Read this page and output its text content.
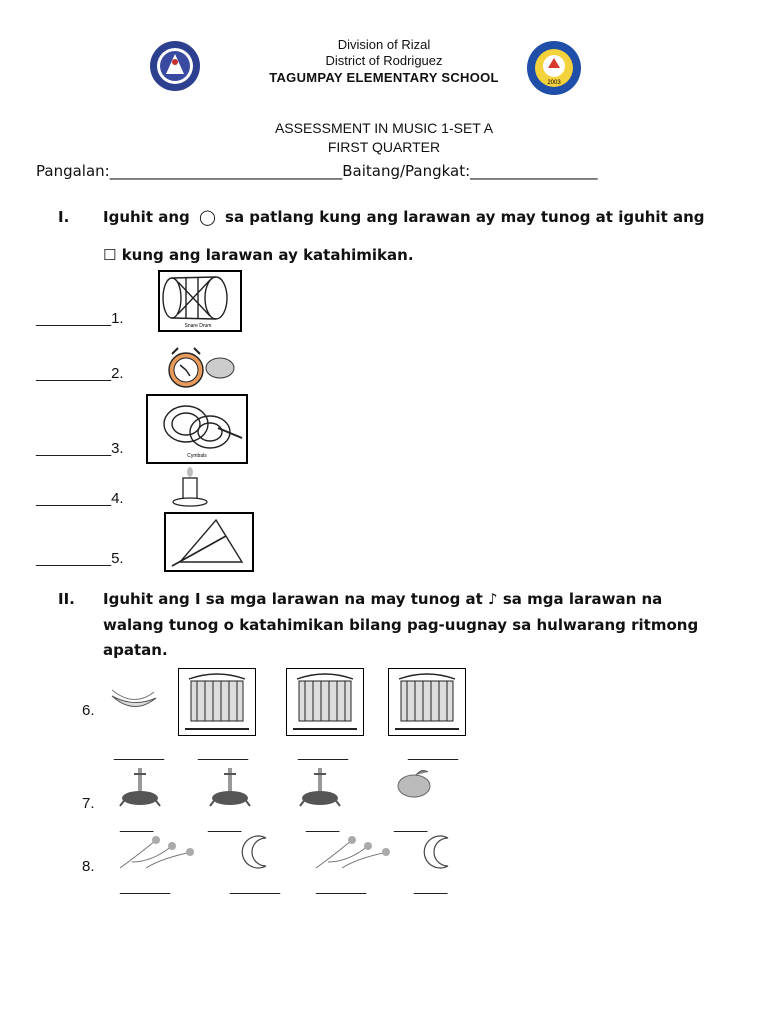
2003
Division of Rizal
District of Rodriguez
TAGUMPAY ELEMENTARY SCHOOL
ASSESSMENT IN MUSIC 1-SET A
FIRST QUARTER
Pangalan:_______________________________Baitang/Pangkat:_________________
I. Iguhit ang ◯ sa patlang kung ang larawan ay may tunog at iguhit ang
☐ kung ang larawan ay katahimikan.
_________1.	Snare Drum
_________2.
_________3.	Cymbals
_________4.
_________5.
II. Iguhit ang I sa mga larawan na may tunog at ♪ sa mga larawan na
walang tunog o katahimikan bilang pag-uugnay sa hulwarang ritmong
apatan.
6.
______ ______	______	______
7.
____	____	____	____
8.
______	______ ______	____
